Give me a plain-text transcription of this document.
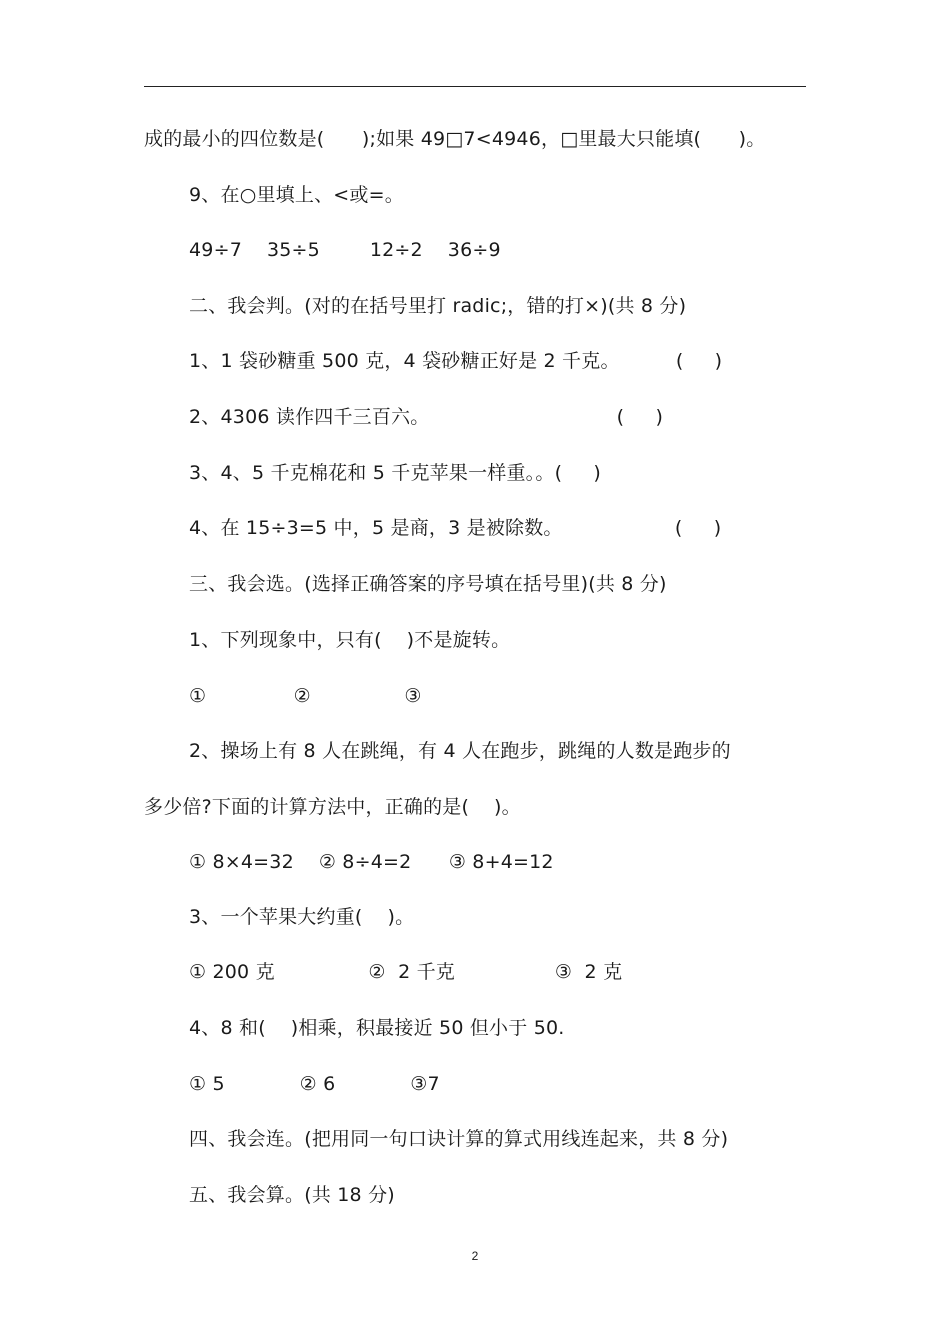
成的最小的四位数是(      );如果 49□7<4946，□里最大只能填(      )。
9、在○里填上、<或=。
49÷7    35÷5        12÷2    36÷9
二、我会判。(对的在括号里打 radic;，错的打×)(共 8 分)
1、1 袋砂糖重 500 克，4 袋砂糖正好是 2 千克。         (     )
2、4306 读作四千三百六。                              (     )
3、4、5 千克棉花和 5 千克苹果一样重。。(     )
4、在 15÷3=5 中，5 是商，3 是被除数。                  (     )
三、我会选。(选择正确答案的序号填在括号里)(共 8 分)
1、下列现象中，只有(    )不是旋转。
①              ②               ③
2、操场上有 8 人在跳绳，有 4 人在跑步，跳绳的人数是跑步的
多少倍?下面的计算方法中，正确的是(    )。
① 8×4=32    ② 8÷4=2      ③ 8+4=12
3、一个苹果大约重(    )。
① 200 克               ②  2 千克                ③  2 克
4、8 和(    )相乘，积最接近 50 但小于 50.
① 5            ② 6            ③7
四、我会连。(把用同一句口诀计算的算式用线连起来，共 8 分)
五、我会算。(共 18 分)
2
